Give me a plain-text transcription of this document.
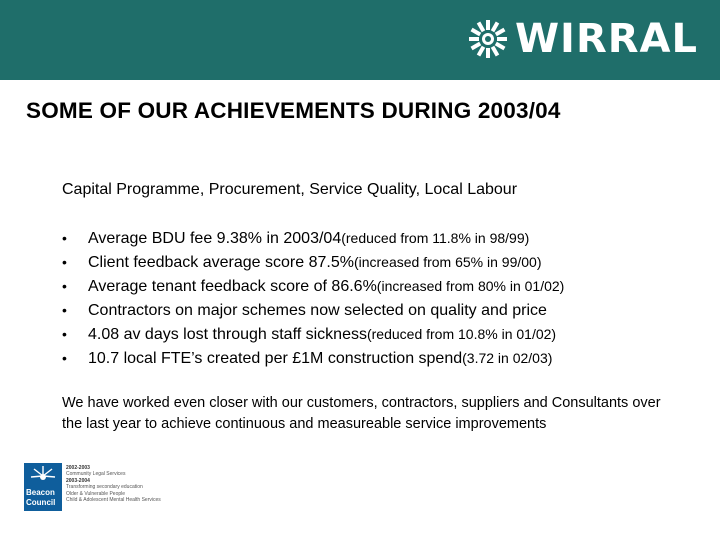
WIRRAL
SOME OF OUR ACHIEVEMENTS DURING 2003/04
Capital Programme, Procurement, Service Quality, Local Labour
•	Average BDU fee 9.38% in 2003/04 (reduced from 11.8% in 98/99)
•	Client feedback average score 87.5% (increased from 65% in 99/00)
•	Average tenant feedback score of 86.6% (increased from 80% in 01/02)
•	Contractors on major schemes now selected on quality and price
•	4.08 av days lost through staff sickness (reduced from 10.8% in 01/02)
•	10.7 local FTE’s created per £1M construction spend (3.72 in 02/03)
We have worked even closer with our customers, contractors, suppliers and Consultants over the last year to achieve continuous and measureable service improvements
Beacon
Council
2002-2003
Community Legal Services
2003-2004
Transforming secondary education
Older & Vulnerable People
Child & Adolescent Mental Health Services
